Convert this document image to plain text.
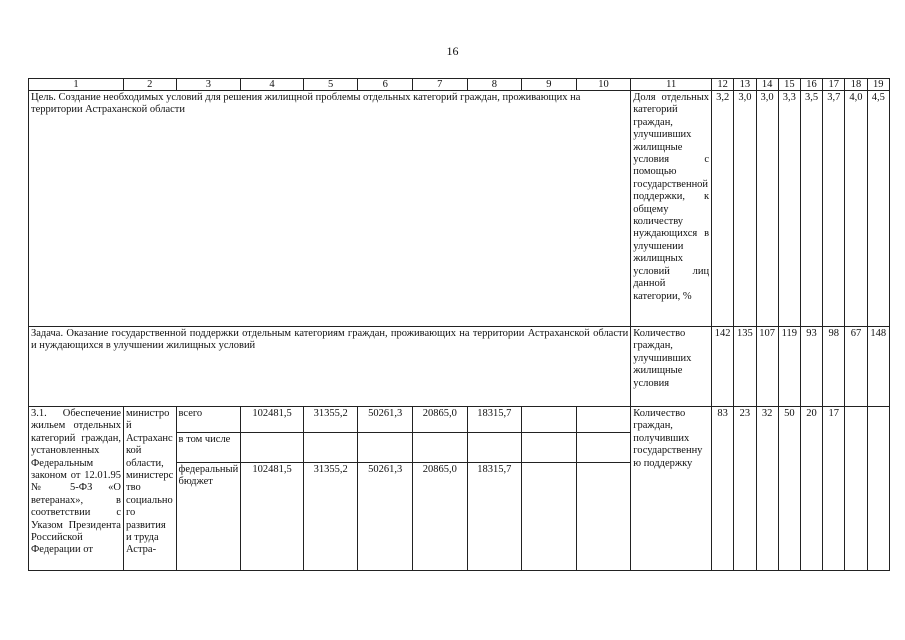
16
1	2	3	4	5	6	7	8	9	10	11	12	13	14	15	16	17	18	19
Цель. Создание необходимых условий для решения жилищной проблемы отдельных категорий граждан, проживающих на территории Астраханской области										Доля отдельных категорий граждан, улучшивших жилищные условия с помощью государственной поддержки, к общему количеству нуждающихся в улучшении жилищных условий лиц данной категории, %	3,2	3,0	3,0	3,3	3,5	3,7	4,0	4,5
Задача. Оказание государственной поддержки отдельным категориям граждан, проживающих на территории Астраханской области и нуждающихся в улучшении жилищных условий										Количество граждан, улучшивших жилищные условия	142	135	107	119	93	98	67	148
3.1. Обеспечение жильем отдельных категорий граждан, установленных Федеральным законом от 12.01.95 № 5-ФЗ «О ветеранах», в соответствии с Указом Президента Российской Федерации от	министрой Астраханской области, министерство социального развития и труда Астра-	всего	102481,5	31355,2	50261,3	20865,0	18315,7			Количество граждан, получивших государственную поддержку	83	23	32	50	20	17		
		в том числе																
		федеральный бюджет	102481,5	31355,2	50261,3	20865,0	18315,7											
